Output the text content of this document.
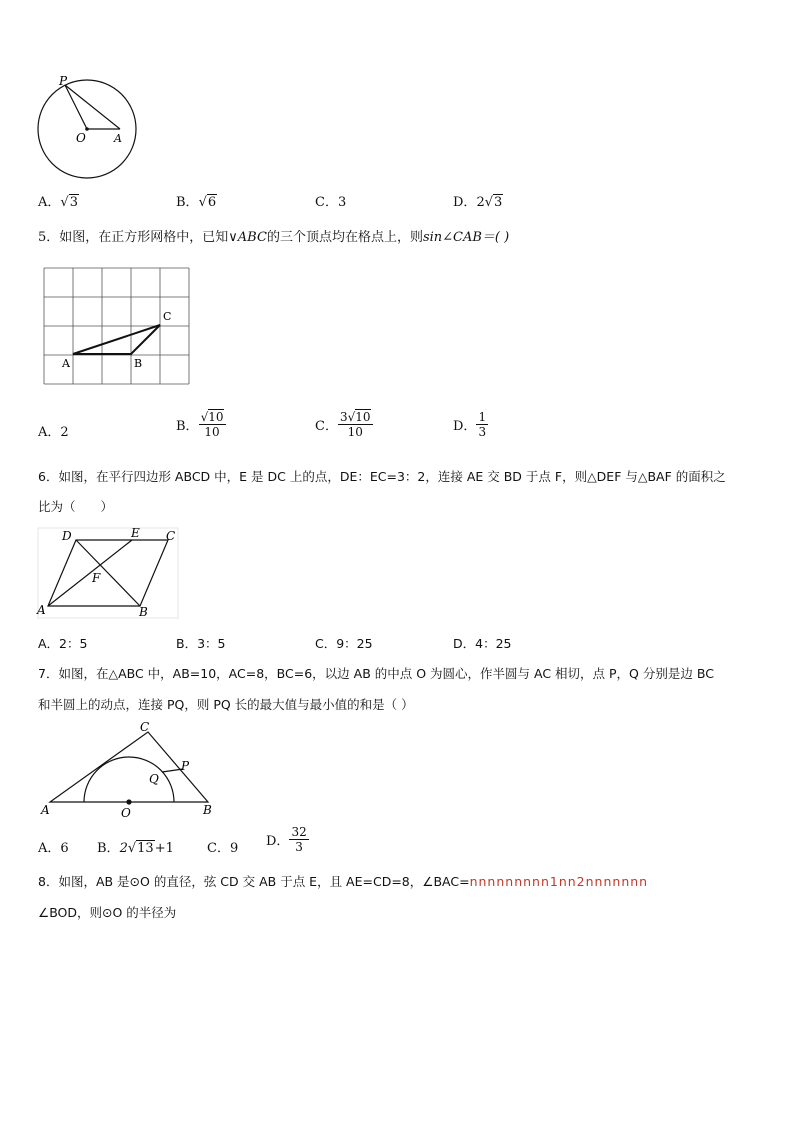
P
O	A
A．√3	B．√6	C．3	D．2√3
5．如图，在正方形网格中，已知∨ABC的三个顶点均在格点上，则sin∠CAB＝( )
A	B
C
A．2	B． $\frac{√10}{10}$	C． $\frac{3√10}{10}$	D． $\frac{1}{3}$
6．如图，在平行四边形 ABCD 中，E 是 DC 上的点，DE：EC=3：2，连接 AE 交 BD 于点 F，则△DEF 与△BAF 的面积之
比为（　　）
D	E C
F
A	B
A．2：5	B．3：5	C．9：25	D．4：25
7．如图，在△ABC 中，AB=10，AC=8，BC=6，以边 AB 的中点 O 为圆心，作半圆与 AC 相切，点 P，Q 分别是边 BC
和半圆上的动点，连接 PQ，则 PQ 长的最大值与最小值的和是（ ）
C
P
Q
A	O	B
A．6 B．2√13+1	C．9 D． $\frac{32}{3}$
8．如图，AB 是⊙O 的直径，弦 CD 交 AB 于点 E，且 AE=CD=8，∠BAC=nnnnnnnnn1nn2nnnnnnn
∠BOD，则⊙O 的半径为
